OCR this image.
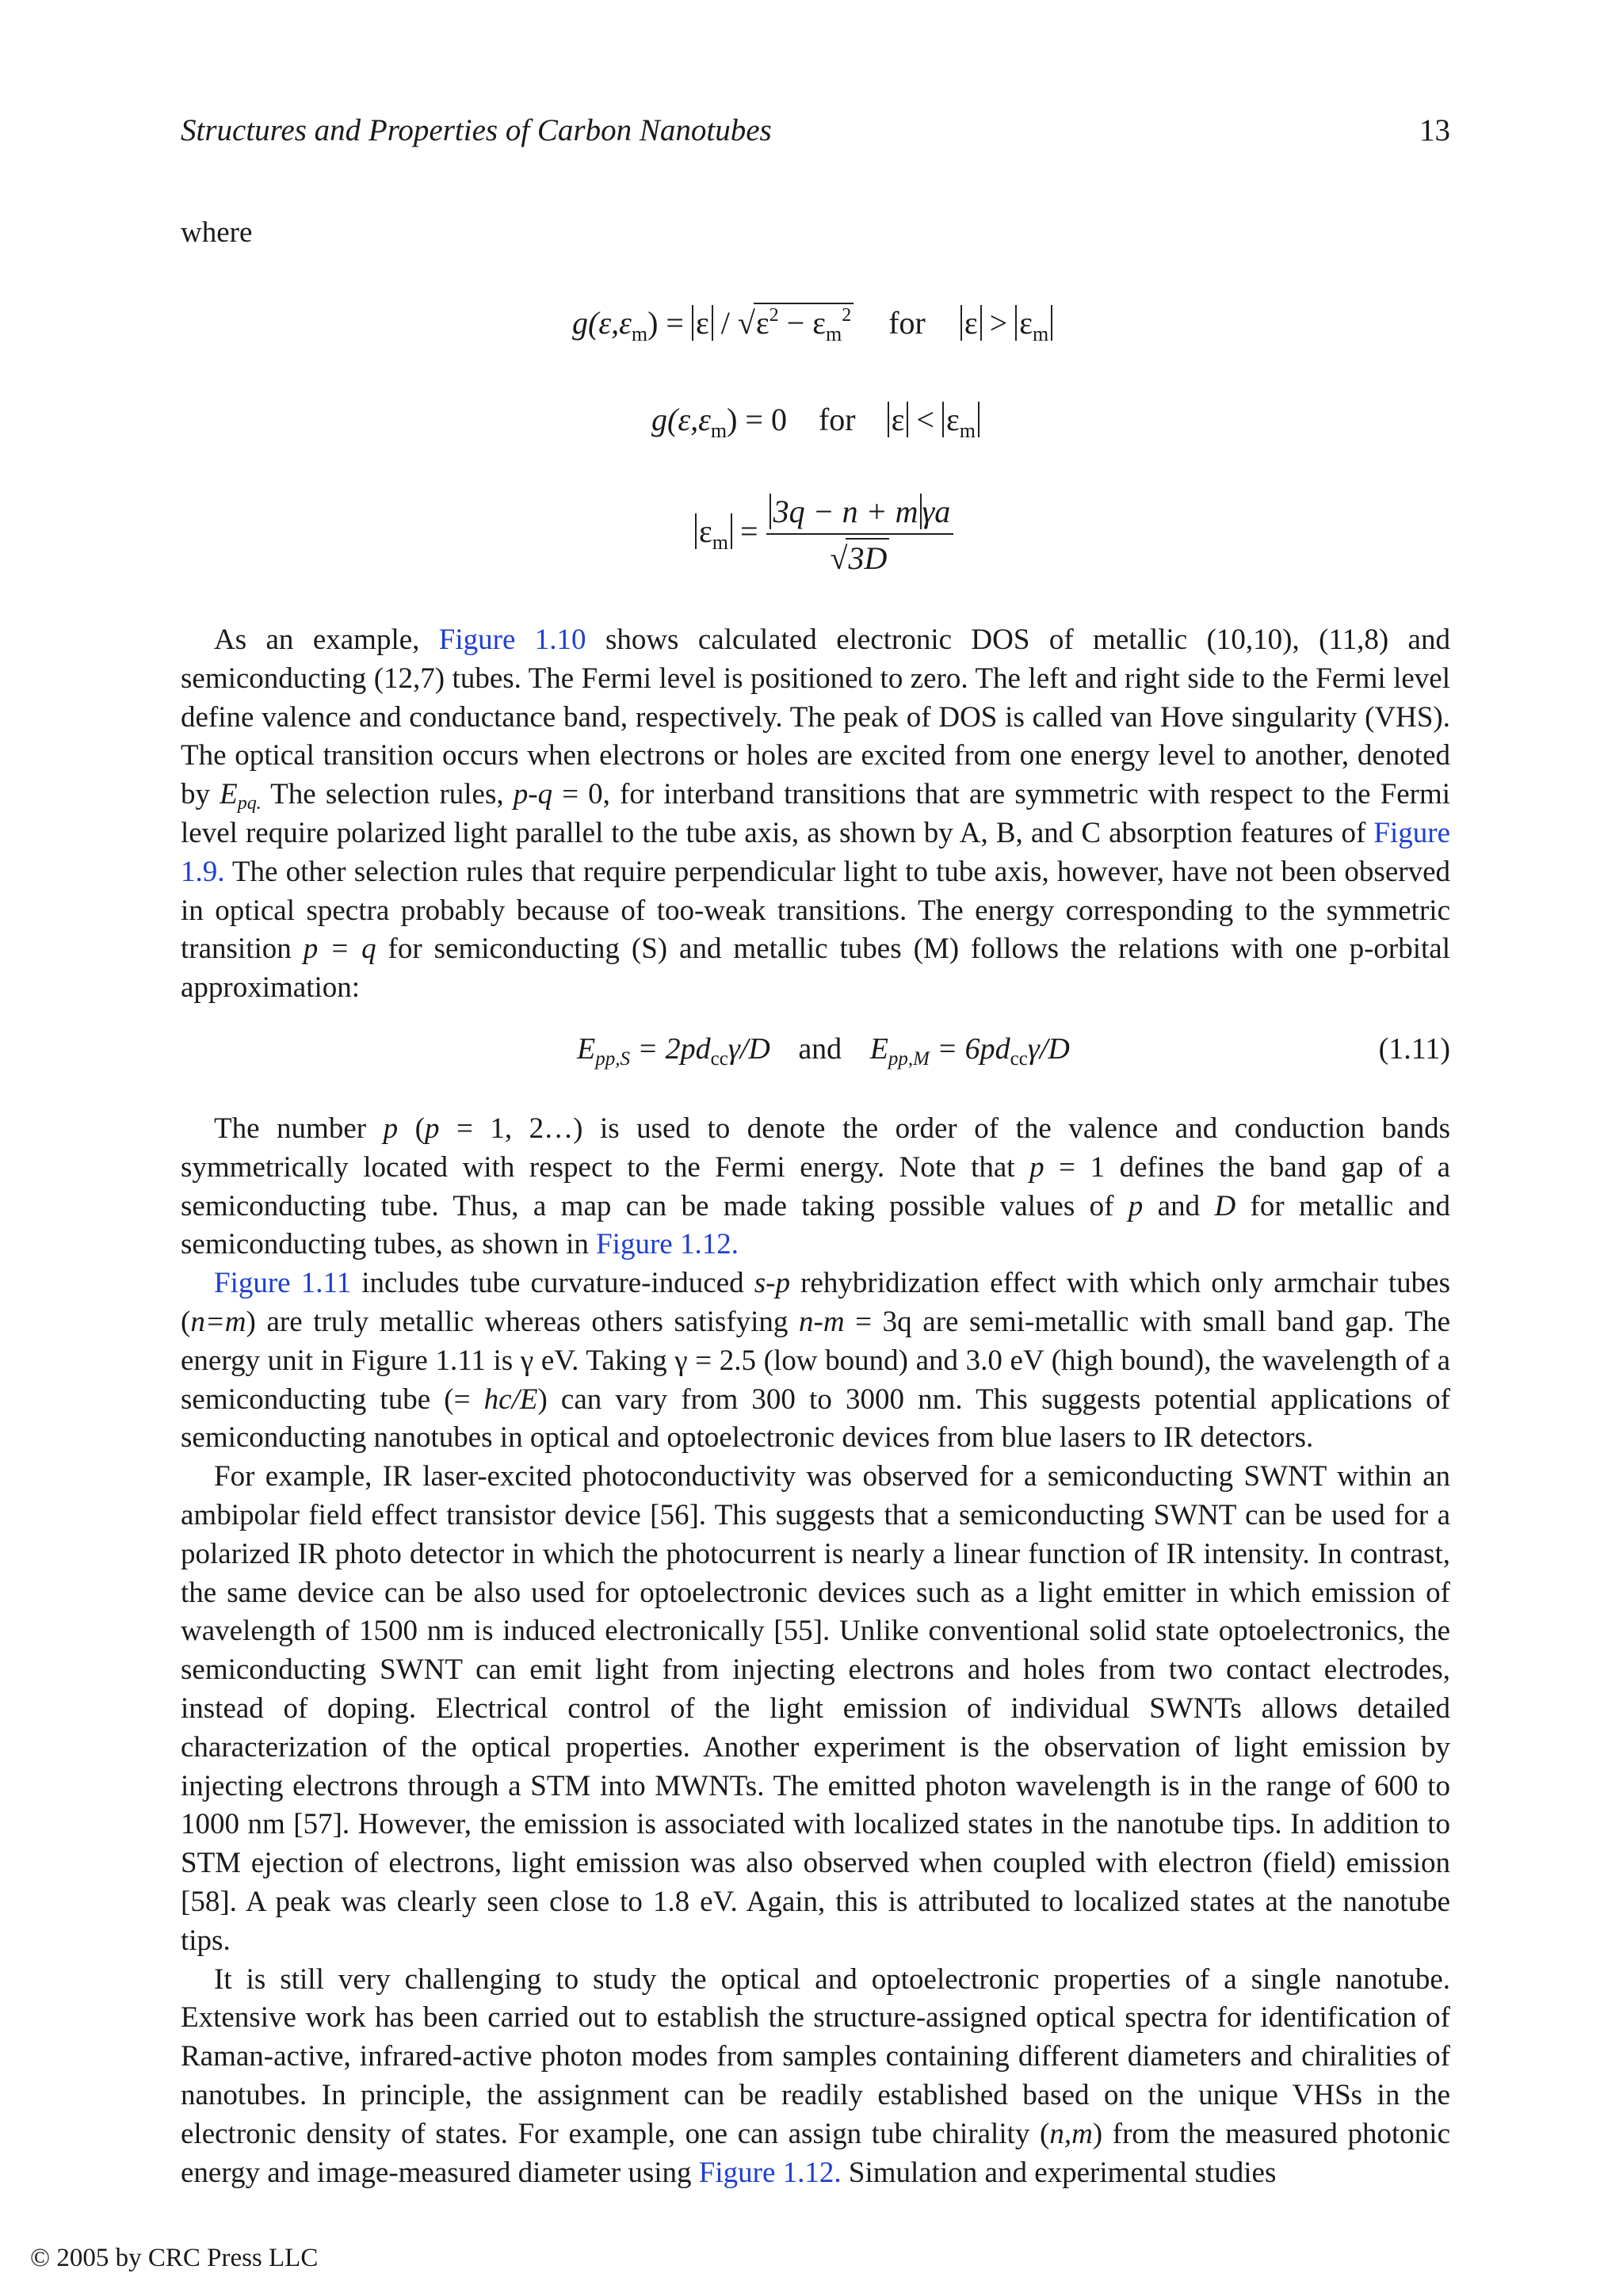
Structures and Properties of Carbon Nanotubes	13
where
$g(\varepsilon,\varepsilon_m) = \varepsilon / √\varepsilon^2 - \varepsilon_m^2$ for $\varepsilon > \varepsilon_m$
$g(\varepsilon,\varepsilon_m) = 0$ for $\varepsilon < \varepsilon_m$
$\varepsilon_m = \frac{\text{3q − n + m γa}}{√3D}$

As an example, Figure 1.10 shows calculated electronic DOS of metallic (10,10), (11,8) and semiconducting (12,7) tubes. The Fermi level is positioned to zero. The left and right side to the Fermi level define valence and conductance band, respectively. The peak of DOS is called van Hove singularity (VHS). The optical transition occurs when electrons or holes are excited from one energy level to another, denoted by $E_{pq.}$ The selection rules, p-q = 0, for interband transitions that are symmetric with respect to the Fermi level require polarized light parallel to the tube axis, as shown by A, B, and C absorption features of Figure 1.9. The other selection rules that require perpendicular light to tube axis, however, have not been observed in optical spectra probably because of too-weak transitions. The energy corresponding to the symmetric transition p = q for semiconducting (S) and metallic tubes (M) follows the relations with one p-orbital approximation:

$E_{pp,S} = 2pd_{cc}\gamma/D$ and $E_{pp,M} = 6pd_{cc}\gamma/D$	(1.11)

The number p (p = 1, 2…) is used to denote the order of the valence and conduction bands symmetrically located with respect to the Fermi energy. Note that p = 1 defines the band gap of a semiconducting tube. Thus, a map can be made taking possible values of p and D for metallic and semiconducting tubes, as shown in Figure 1.12.

Figure 1.11 includes tube curvature-induced s-p rehybridization effect with which only armchair tubes (n=m) are truly metallic whereas others satisfying n-m = 3q are semi-metallic with small band gap. The energy unit in Figure 1.11 is γ eV. Taking γ = 2.5 (low bound) and 3.0 eV (high bound), the wavelength of a semiconducting tube (= hc/E) can vary from 300 to 3000 nm. This suggests potential applications of semiconducting nanotubes in optical and optoelectronic devices from blue lasers to IR detectors.

For example, IR laser-excited photoconductivity was observed for a semiconducting SWNT within an ambipolar field effect transistor device [56]. This suggests that a semiconducting SWNT can be used for a polarized IR photo detector in which the photocurrent is nearly a linear function of IR intensity. In contrast, the same device can be also used for optoelectronic devices such as a light emitter in which emission of wavelength of 1500 nm is induced electronically [55]. Unlike conventional solid state optoelectronics, the semiconducting SWNT can emit light from injecting electrons and holes from two contact electrodes, instead of doping. Electrical control of the light emission of individual SWNTs allows detailed characterization of the optical properties. Another experiment is the observation of light emission by injecting electrons through a STM into MWNTs. The emitted photon wavelength is in the range of 600 to 1000 nm [57]. However, the emission is associated with localized states in the nanotube tips. In addition to STM ejection of electrons, light emission was also observed when coupled with electron (field) emission [58]. A peak was clearly seen close to 1.8 eV. Again, this is attributed to localized states at the nanotube tips.

It is still very challenging to study the optical and optoelectronic properties of a single nanotube. Extensive work has been carried out to establish the structure-assigned optical spectra for identification of Raman-active, infrared-active photon modes from samples containing different diameters and chiralities of nanotubes. In principle, the assignment can be readily established based on the unique VHSs in the electronic density of states. For example, one can assign tube chirality (n,m) from the measured photonic energy and image-measured diameter using Figure 1.12. Simulation and experimental studies

© 2005 by CRC Press LLC
